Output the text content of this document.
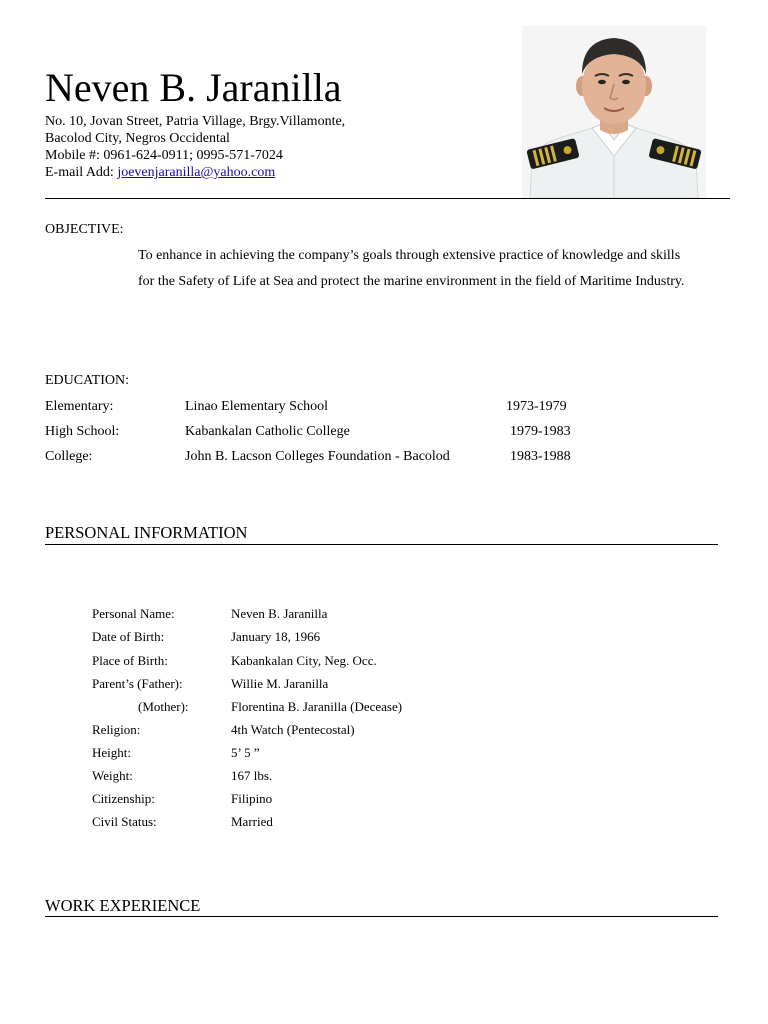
Neven B. Jaranilla
No. 10, Jovan Street, Patria Village, Brgy.Villamonte,
Bacolod City, Negros Occidental
Mobile #: 0961-624-0911; 0995-571-7024
E-mail Add: joevenjaranilla@yahoo.com
OBJECTIVE:
To enhance in achieving the company’s goals through extensive practice of knowledge and skills for the Safety of Life at Sea and protect the marine environment in the field of Maritime Industry.
EDUCATION:
Elementary:	Linao Elementary School	1973-1979
High School:	Kabankalan Catholic College	1979-1983
College:	John B. Lacson Colleges Foundation - Bacolod	1983-1988
PERSONAL INFORMATION
Personal Name:	Neven B. Jaranilla
Date of Birth:	January 18, 1966
Place of Birth:	Kabankalan City, Neg. Occ.
Parent’s (Father):	Willie M. Jaranilla
(Mother):	Florentina B. Jaranilla (Decease)
Religion:	4th Watch (Pentecostal)
Height:	5’ 5 ”
Weight:	167 lbs.
Citizenship:	Filipino
Civil Status:	Married
WORK EXPERIENCE
